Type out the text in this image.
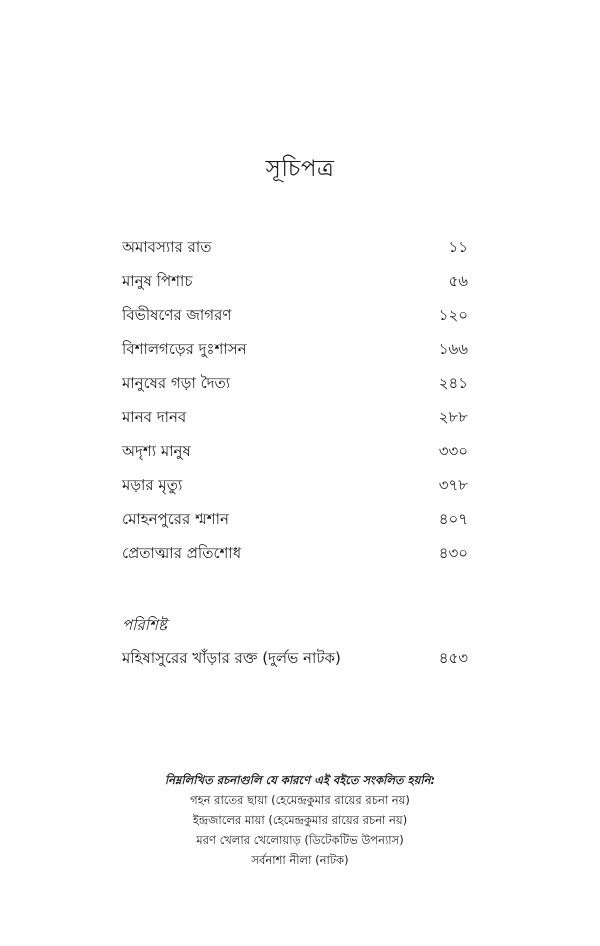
সূচিপত্র
অমাবস্যার রাত	১১
মানুষ পিশাচ	৫৬
বিভীষণের জাগরণ	১২০
বিশালগড়ের দুঃশাসন	১৬৬
মানুষের গড়া দৈত্য	২৪১
মানব দানব	২৮৮
অদৃশ্য মানুষ	৩৩০
মড়ার মৃত্যু	৩৭৮
মোহনপুরের শ্মশান	৪০৭
প্রেতাত্মার প্রতিশোধ	৪৩০
পরিশিষ্ট
মহিষাসুরের খাঁড়ার রক্ত (দুর্লভ নাটক)	৪৫৩
নিম্নলিখিত রচনাগুলি যে কারণে এই বইতে সংকলিত হয়নি:
গহন রাতের ছায়া (হেমেন্দ্রকুমার রায়ের রচনা নয়)
ইন্দ্রজালের মায়া (হেমেন্দ্রকুমার রায়ের রচনা নয়)
মরণ খেলার খেলোয়াড় (ডিটেকটিভ উপন্যাস)
সর্বনাশা নীলা (নাটক)
